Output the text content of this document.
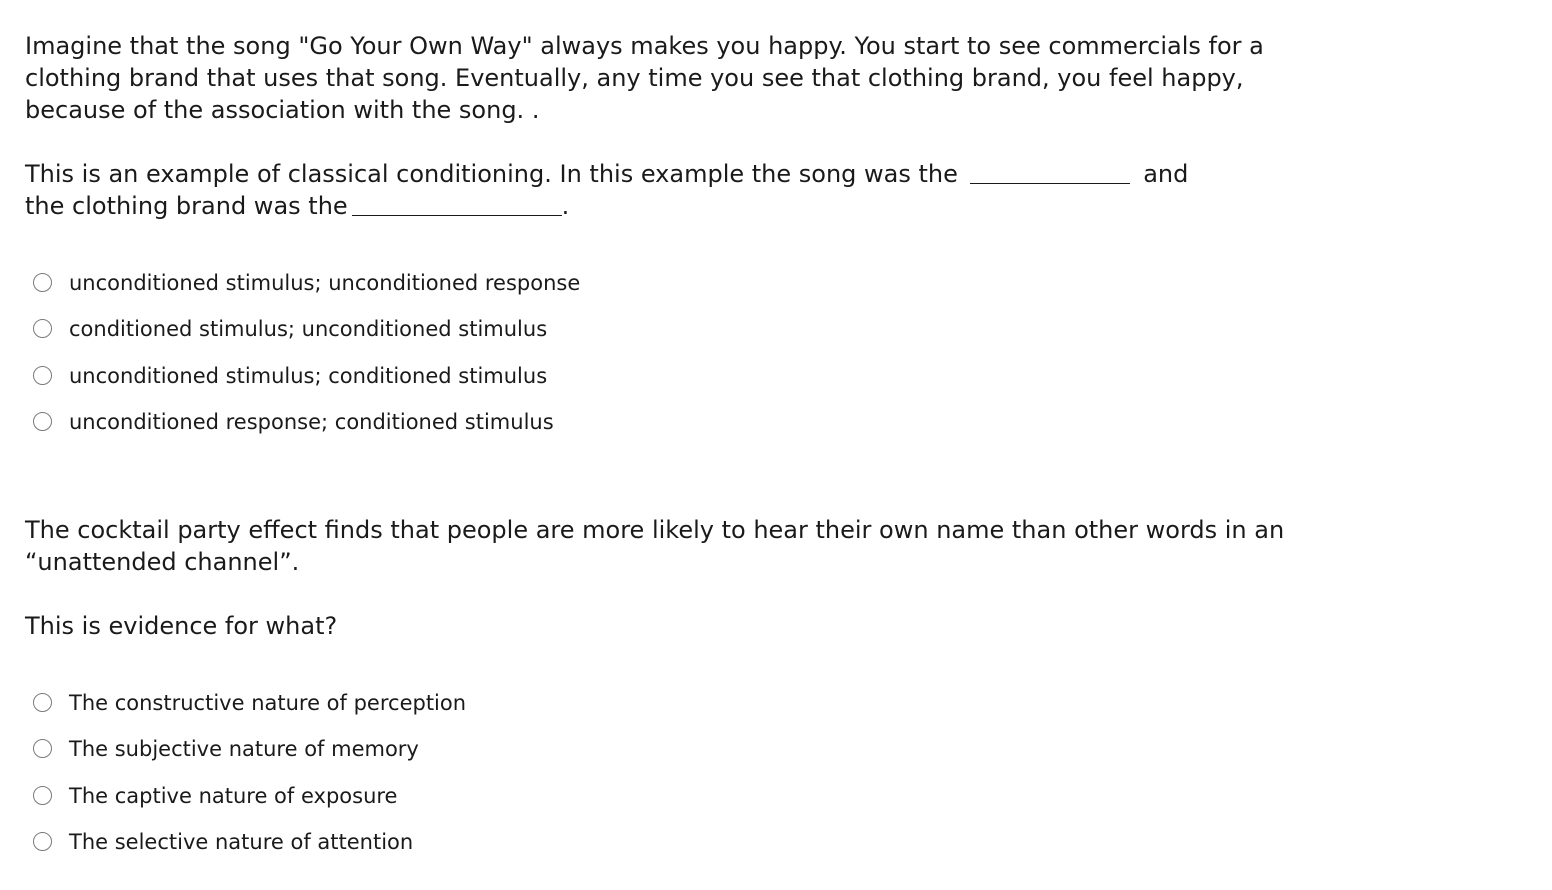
Imagine that the song "Go Your Own Way" always makes you happy. You start to see commercials for a clothing brand that uses that song. Eventually, any time you see that clothing brand, you feel happy, because of the association with the song. .

This is an example of classical conditioning. In this example the song was the	and
the clothing brand was the	.

unconditioned stimulus; unconditioned response
conditioned stimulus; unconditioned stimulus
unconditioned stimulus; conditioned stimulus
unconditioned response; conditioned stimulus

The cocktail party effect finds that people are more likely to hear their own name than other words in an “unattended channel”.

This is evidence for what?

The constructive nature of perception
The subjective nature of memory
The captive nature of exposure
The selective nature of attention
